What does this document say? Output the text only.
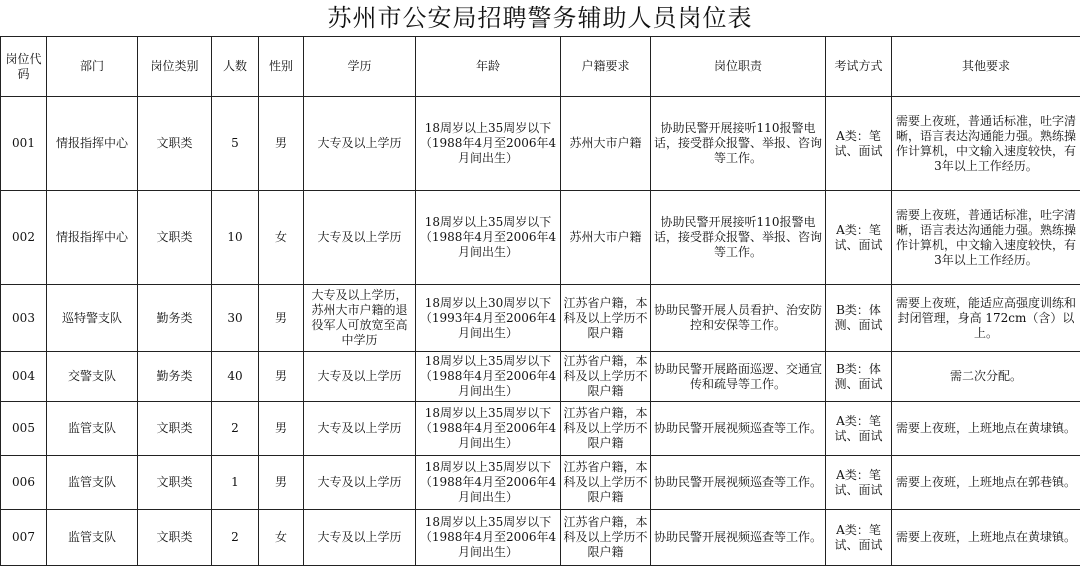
苏州市公安局招聘警务辅助人员岗位表
岗位代码	部门	岗位类别	人数	性别	学历	年龄	户籍要求	岗位职责	考试方式	其他要求
001	情报指挥中心	文职类	5	男	大专及以上学历	18周岁以上35周岁以下（1988年4月至2006年4月间出生）	苏州大市户籍	协助民警开展接听110报警电话，接受群众报警、举报、咨询等工作。	A类：笔试、面试	需要上夜班，普通话标准，吐字清晰，语言表达沟通能力强。熟练操作计算机，中文输入速度较快，有3年以上工作经历。
002	情报指挥中心	文职类	10	女	大专及以上学历	18周岁以上35周岁以下（1988年4月至2006年4月间出生）	苏州大市户籍	协助民警开展接听110报警电话，接受群众报警、举报、咨询等工作。	A类：笔试、面试	需要上夜班，普通话标准，吐字清晰，语言表达沟通能力强。熟练操作计算机，中文输入速度较快，有3年以上工作经历。
003	巡特警支队	勤务类	30	男	大专及以上学历，苏州大市户籍的退役军人可放宽至高中学历	18周岁以上30周岁以下（1993年4月至2006年4月间出生）	江苏省户籍，本科及以上学历不限户籍	协助民警开展人员看护、治安防控和安保等工作。	B类：体测、面试	需要上夜班，能适应高强度训练和封闭管理，身高 172cm（含）以上。
004	交警支队	勤务类	40	男	大专及以上学历	18周岁以上35周岁以下（1988年4月至2006年4月间出生）	江苏省户籍，本科及以上学历不限户籍	协助民警开展路面巡逻、交通宣传和疏导等工作。	B类：体测、面试	需二次分配。
005	监管支队	文职类	2	男	大专及以上学历	18周岁以上35周岁以下（1988年4月至2006年4月间出生）	江苏省户籍，本科及以上学历不限户籍	协助民警开展视频巡查等工作。	A类：笔试、面试	需要上夜班，上班地点在黄埭镇。
006	监管支队	文职类	1	男	大专及以上学历	18周岁以上35周岁以下（1988年4月至2006年4月间出生）	江苏省户籍，本科及以上学历不限户籍	协助民警开展视频巡查等工作。	A类：笔试、面试	需要上夜班，上班地点在郭巷镇。
007	监管支队	文职类	2	女	大专及以上学历	18周岁以上35周岁以下（1988年4月至2006年4月间出生）	江苏省户籍，本科及以上学历不限户籍	协助民警开展视频巡查等工作。	A类：笔试、面试	需要上夜班，上班地点在黄埭镇。
